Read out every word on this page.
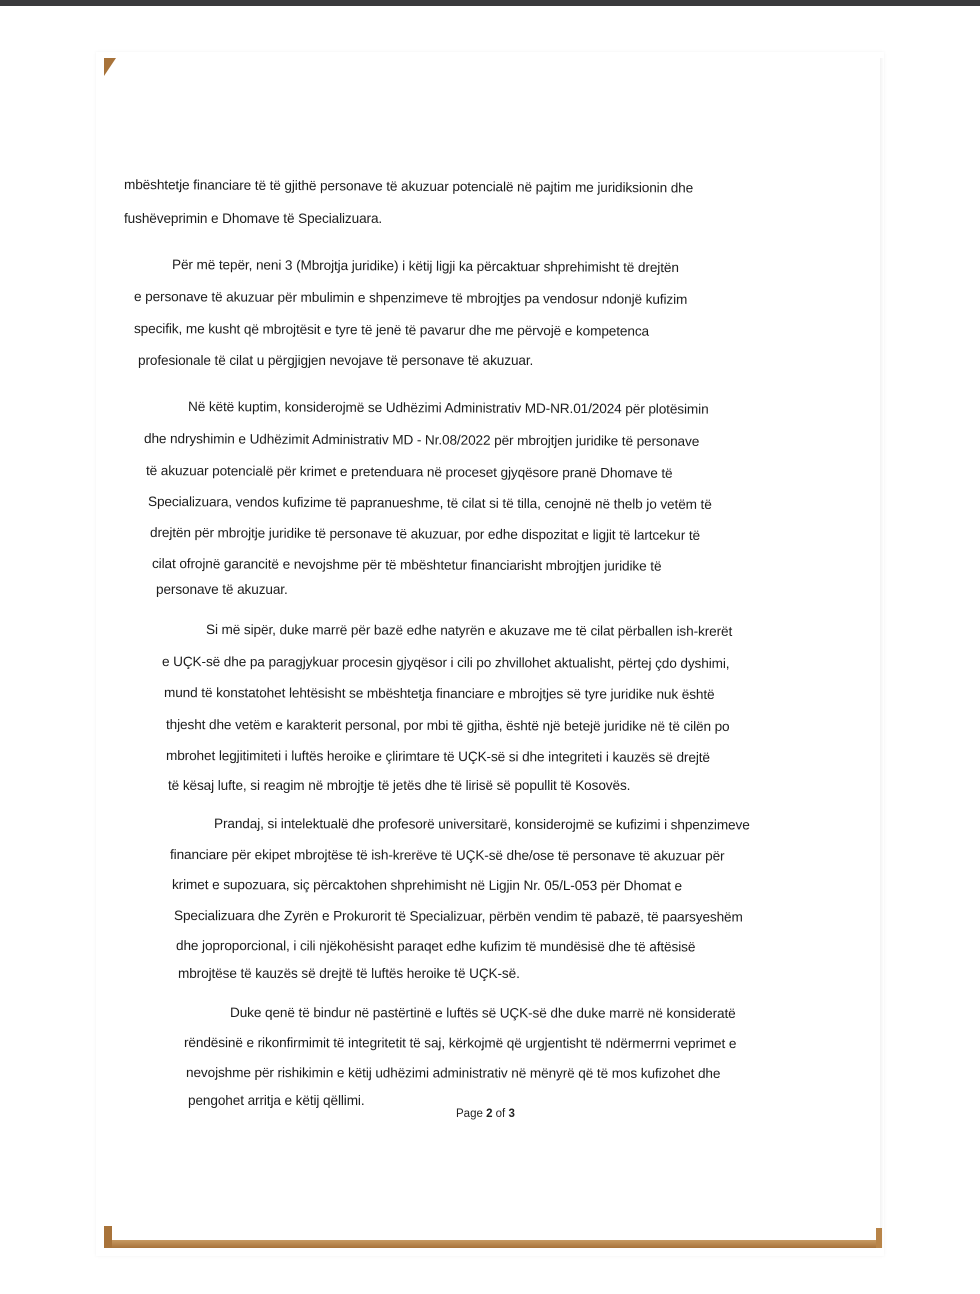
mbështetje financiare të të gjithë personave të akuzuar potencialë në pajtim me juridiksionin dhe

fushëveprimin e Dhomave të Specializuara.

Për më tepër, neni 3 (Mbrojtja juridike) i këtij ligji ka përcaktuar shprehimisht të drejtën

e personave të akuzuar për mbulimin e shpenzimeve të mbrojtjes pa vendosur ndonjë kufizim

specifik, me kusht që mbrojtësit e tyre të jenë të pavarur dhe me përvojë e kompetenca

profesionale të cilat u përgjigjen nevojave të personave të akuzuar.

Në këtë kuptim, konsiderojmë se Udhëzimi Administrativ MD-NR.01/2024 për plotësimin

dhe ndryshimin e Udhëzimit Administrativ MD - Nr.08/2022 për mbrojtjen juridike të personave

të akuzuar potencialë për krimet e pretenduara në proceset gjyqësore pranë Dhomave të

Specializuara, vendos kufizime të papranueshme, të cilat si të tilla, cenojnë në thelb jo vetëm të

drejtën për mbrojtje juridike të personave të akuzuar, por edhe dispozitat e ligjit të lartcekur të

cilat ofrojnë garancitë e nevojshme për të mbështetur financiarisht mbrojtjen juridike të

personave të akuzuar.

Si më sipër, duke marrë për bazë edhe natyrën e akuzave me të cilat përballen ish-krerët

e UÇK-së dhe pa paragjykuar procesin gjyqësor i cili po zhvillohet aktualisht, përtej çdo dyshimi,

mund të konstatohet lehtësisht se mbështetja financiare e mbrojtjes së tyre juridike nuk është

thjesht dhe vetëm e karakterit personal, por mbi të gjitha, është një betejë juridike në të cilën po

mbrohet legjitimiteti i luftës heroike e çlirimtare të UÇK-së si dhe integriteti i kauzës së drejtë

të kësaj lufte, si reagim në mbrojtje të jetës dhe të lirisë së popullit të Kosovës.

Prandaj, si intelektualë dhe profesorë universitarë, konsiderojmë se kufizimi i shpenzimeve

financiare për ekipet mbrojtëse të ish-krerëve të UÇK-së dhe/ose të personave të akuzuar për

krimet e supozuara, siç përcaktohen shprehimisht në Ligjin Nr. 05/L-053 për Dhomat e

Specializuara dhe Zyrën e Prokurorit të Specializuar, përbën vendim të pabazë, të paarsyeshëm

dhe joproporcional, i cili njëkohësisht paraqet edhe kufizim të mundësisë dhe të aftësisë

mbrojtëse të kauzës së drejtë të luftës heroike të UÇK-së.

Duke qenë të bindur në pastërtinë e luftës së UÇK-së dhe duke marrë në konsideratë

rëndësinë e rikonfirmimit të integritetit të saj, kërkojmë që urgjentisht të ndërmerrni veprimet e

nevojshme për rishikimin e këtij udhëzimi administrativ në mënyrë që të mos kufizohet dhe

pengohet arritja e këtij qëllimi.

Page 2 of 3
